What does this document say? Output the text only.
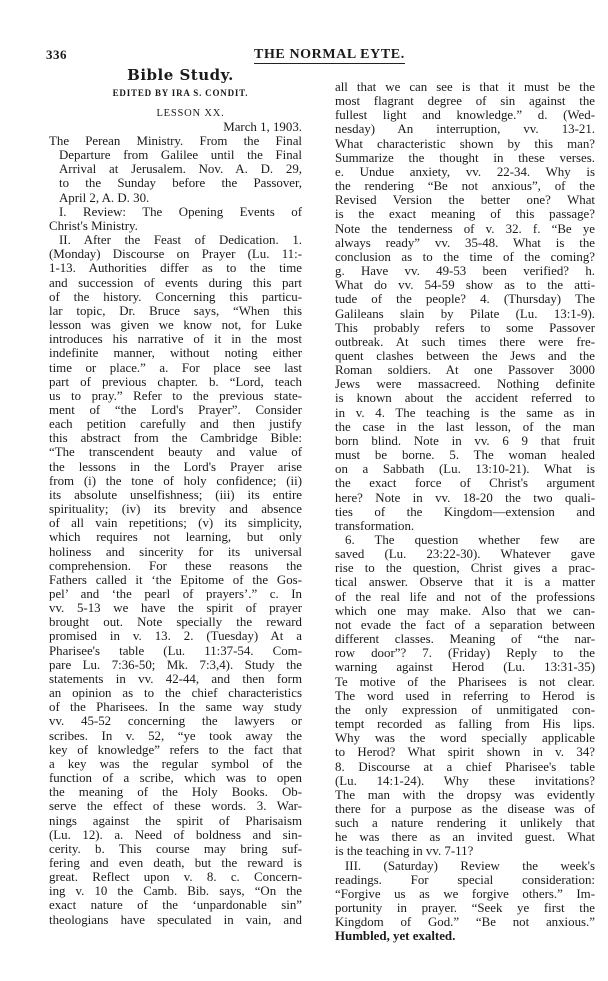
336	THE NORMAL EYTE.
Bible Study.
EDITED BY IRA S. CONDIT.
LESSON XX.
March 1, 1903.
The Perean Ministry. From the Final
Departure from Galilee until the Final
Arrival at Jerusalem. Nov. A. D. 29,
to the Sunday before the Passover,
April 2, A. D. 30.
I. Review: The Opening Events of
Christ's Ministry.
II. After the Feast of Dedication. 1.
(Monday) Discourse on Prayer (Lu. 11:-
1-13. Authorities differ as to the time
and succession of events during this part
of the history. Concerning this particu-
lar topic, Dr. Bruce says, “When this
lesson was given we know not, for Luke
introduces his narrative of it in the most
indefinite manner, without noting either
time or place.” a. For place see last
part of previous chapter. b. “Lord, teach
us to pray.” Refer to the previous state-
ment of “the Lord's Prayer”. Consider
each petition carefully and then justify
this abstract from the Cambridge Bible:
“The transcendent beauty and value of
the lessons in the Lord's Prayer arise
from (i) the tone of holy confidence; (ii)
its absolute unselfishness; (iii) its entire
spirituality; (iv) its brevity and absence
of all vain repetitions; (v) its simplicity,
which requires not learning, but only
holiness and sincerity for its universal
comprehension. For these reasons the
Fathers called it ‘the Epitome of the Gos-
pel’ and ‘the pearl of prayers’.” c. In
vv. 5-13 we have the spirit of prayer
brought out. Note specially the reward
promised in v. 13. 2. (Tuesday) At a
Pharisee's table (Lu. 11:37-54. Com-
pare Lu. 7:36-50; Mk. 7:3,4). Study the
statements in vv. 42-44, and then form
an opinion as to the chief characteristics
of the Pharisees. In the same way study
vv. 45-52 concerning the lawyers or
scribes. In v. 52, “ye took away the
key of knowledge” refers to the fact that
a key was the regular symbol of the
function of a scribe, which was to open
the meaning of the Holy Books. Ob-
serve the effect of these words. 3. War-
nings against the spirit of Pharisaism
(Lu. 12). a. Need of boldness and sin-
cerity. b. This course may bring suf-
fering and even death, but the reward is
great. Reflect upon v. 8. c. Concern-
ing v. 10 the Camb. Bib. says, “On the
exact nature of the ‘unpardonable sin”
theologians have speculated in vain, and
all that we can see is that it must be the
most flagrant degree of sin against the
fullest light and knowledge.” d. (Wed-
nesday) An interruption, vv. 13-21.
What characteristic shown by this man?
Summarize the thought in these verses.
e. Undue anxiety, vv. 22-34. Why is
the rendering “Be not anxious”, of the
Revised Version the better one? What
is the exact meaning of this passage?
Note the tenderness of v. 32. f. “Be ye
always ready” vv. 35-48. What is the
conclusion as to the time of the coming?
g. Have vv. 49-53 been verified? h.
What do vv. 54-59 show as to the atti-
tude of the people? 4. (Thursday) The
Galileans slain by Pilate (Lu. 13:1-9).
This probably refers to some Passover
outbreak. At such times there were fre-
quent clashes between the Jews and the
Roman soldiers. At one Passover 3000
Jews were massacreed. Nothing definite
is known about the accident referred to
in v. 4. The teaching is the same as in
the case in the last lesson, of the man
born blind. Note in vv. 6 9 that fruit
must be borne. 5. The woman healed
on a Sabbath (Lu. 13:10-21). What is
the exact force of Christ's argument
here? Note in vv. 18-20 the two quali-
ties of the Kingdom—extension and
transformation.
6. The question whether few are
saved (Lu. 23:22-30). Whatever gave
rise to the question, Christ gives a prac-
tical answer. Observe that it is a matter
of the real life and not of the professions
which one may make. Also that we can-
not evade the fact of a separation between
different classes. Meaning of “the nar-
row door”? 7. (Friday) Reply to the
warning against Herod (Lu. 13:31-35)
Te motive of the Pharisees is not clear.
The word used in referring to Herod is
the only expression of unmitigated con-
tempt recorded as falling from His lips.
Why was the word specially applicable
to Herod? What spirit shown in v. 34?
8. Discourse at a chief Pharisee's table
(Lu. 14:1-24). Why these invitations?
The man with the dropsy was evidently
there for a purpose as the disease was of
such a nature rendering it unlikely that
he was there as an invited guest. What
is the teaching in vv. 7-11?
III. (Saturday) Review the week's
readings. For special consideration:
“Forgive us as we forgive others.” Im-
portunity in prayer. “Seek ye first the
Kingdom of God.” “Be not anxious.”
Humbled, yet exalted.
